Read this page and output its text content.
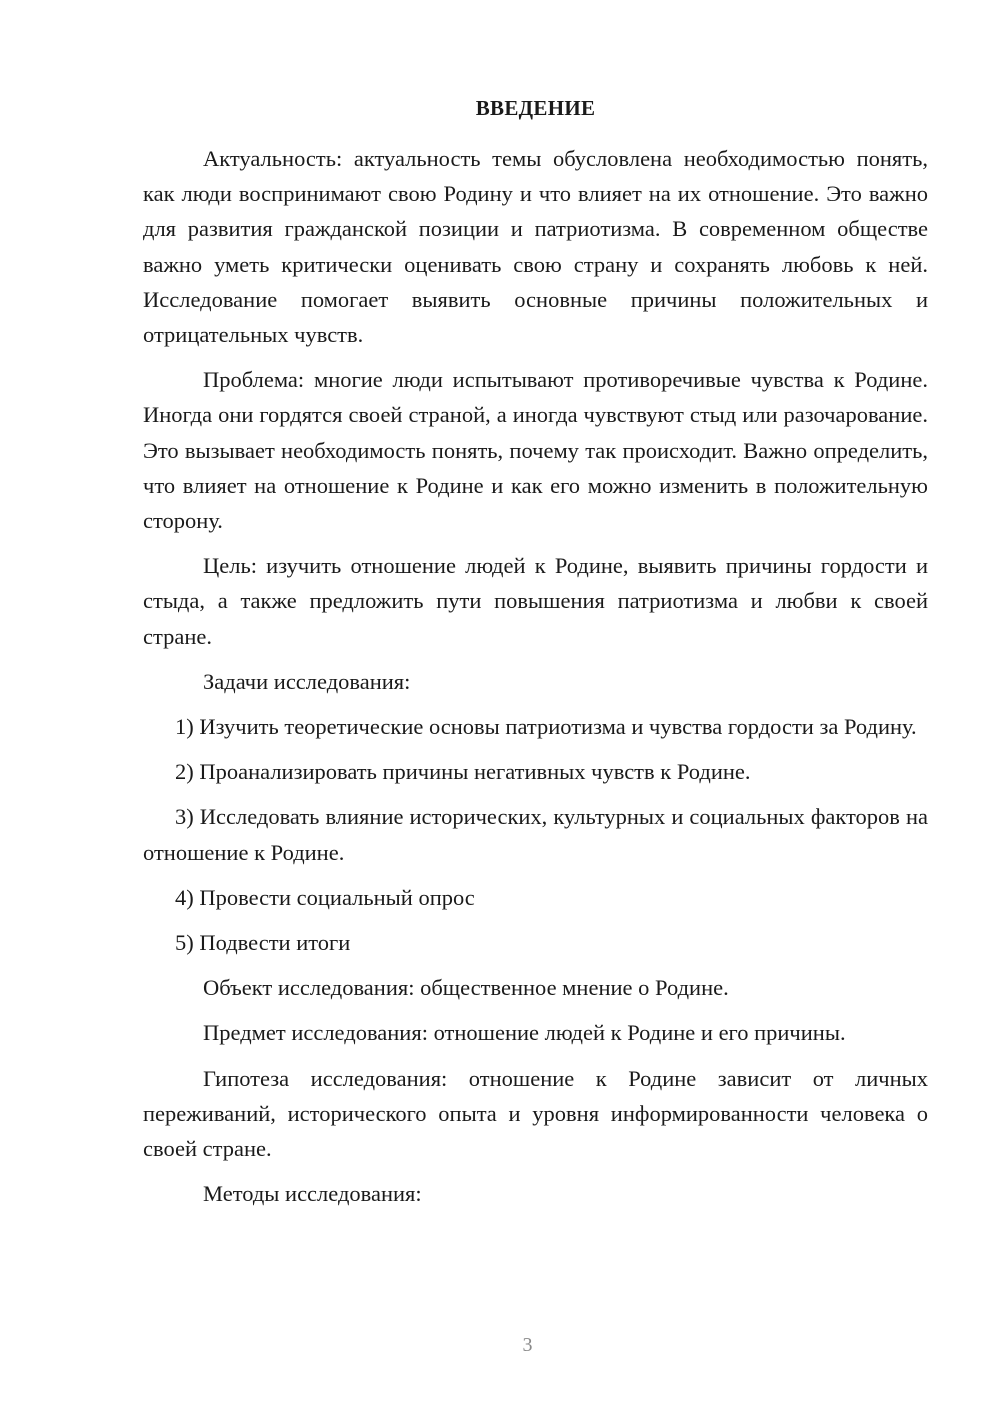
ВВЕДЕНИЕ

Актуальность: актуальность темы обусловлена необходимостью понять, как люди воспринимают свою Родину и что влияет на их отношение. Это важно для развития гражданской позиции и патриотизма. В современном обществе важно уметь критически оценивать свою страну и сохранять любовь к ней. Исследование помогает выявить основные причины положительных и отрицательных чувств.

Проблема: многие люди испытывают противоречивые чувства к Родине. Иногда они гордятся своей страной, а иногда чувствуют стыд или разочарование. Это вызывает необходимость понять, почему так происходит. Важно определить, что влияет на отношение к Родине и как его можно изменить в положительную сторону.

Цель: изучить отношение людей к Родине, выявить причины гордости и стыда, а также предложить пути повышения патриотизма и любви к своей стране.

Задачи исследования:

1) Изучить теоретические основы патриотизма и чувства гордости за Родину.

2) Проанализировать причины негативных чувств к Родине.

3) Исследовать влияние исторических, культурных и социальных факторов на отношение к Родине.

4) Провести социальный опрос

5) Подвести итоги

Объект исследования: общественное мнение о Родине.

Предмет исследования: отношение людей к Родине и его причины.

Гипотеза исследования: отношение к Родине зависит от личных переживаний, исторического опыта и уровня информированности человека о своей стране.

Методы исследования:

3
